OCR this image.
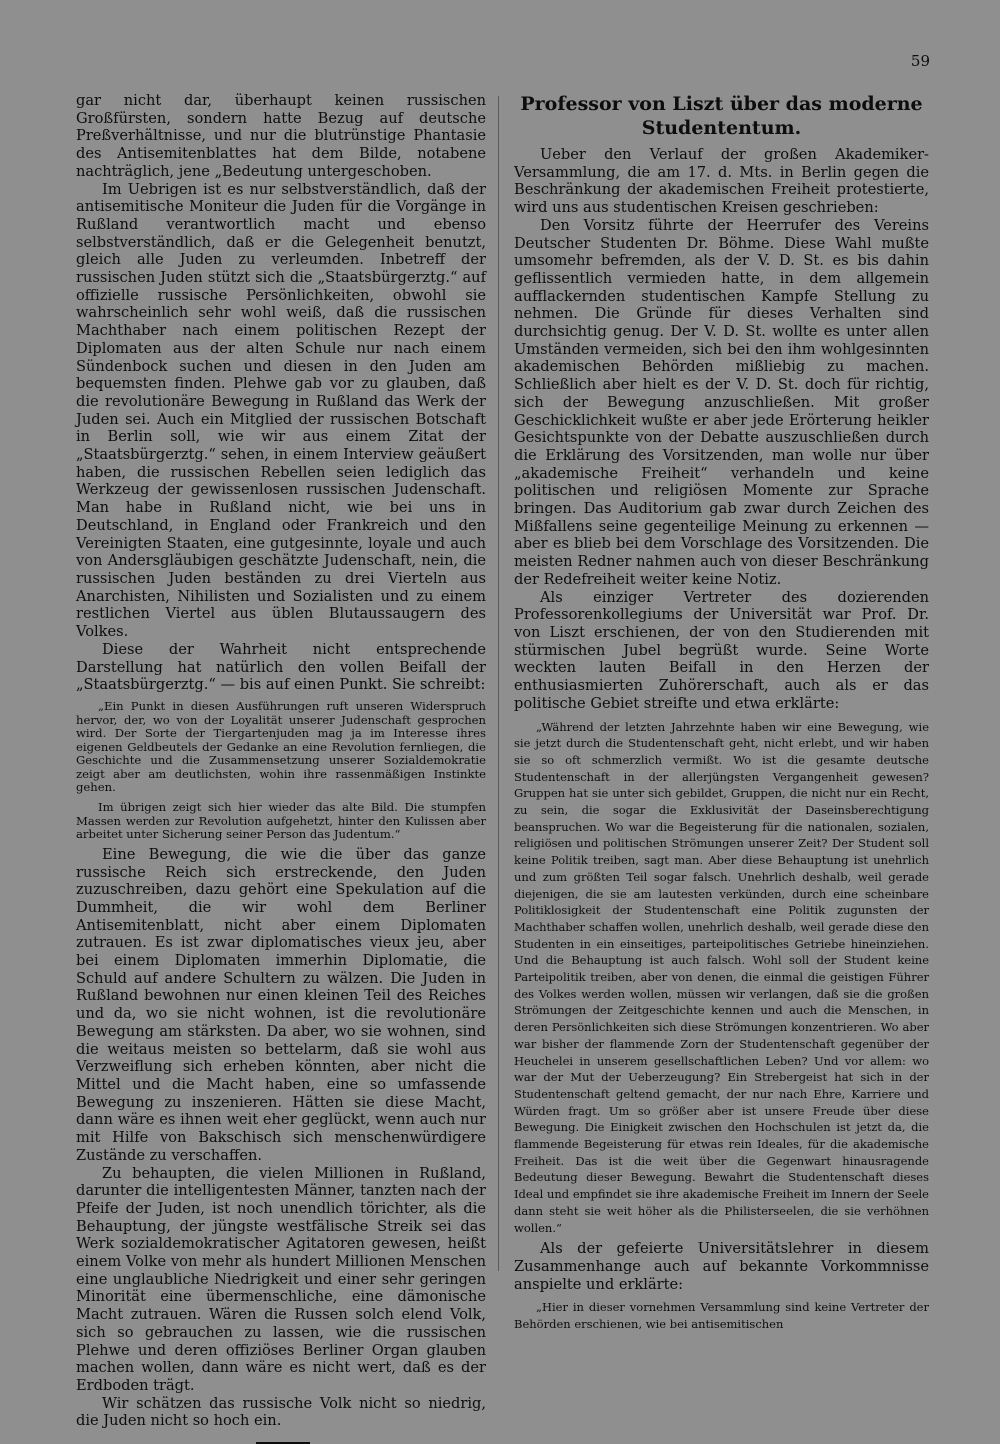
59

gar nicht dar, überhaupt keinen russischen Großfürsten, sondern hatte Bezug auf deutsche Preßverhältnisse, und nur die blutrünstige Phantasie des Antisemitenblattes hat dem Bilde, notabene nachträglich, jene „Bedeutung untergeschoben.

Im Uebrigen ist es nur selbstverständlich, daß der antisemitische Moniteur die Juden für die Vorgänge in Rußland verantwortlich macht und ebenso selbstverständlich, daß er die Gelegenheit benutzt, gleich alle Juden zu verleumden. Inbetreff der russischen Juden stützt sich die „Staatsbürgerztg.“ auf offizielle russische Persönlichkeiten, obwohl sie wahrscheinlich sehr wohl weiß, daß die russischen Machthaber nach einem politischen Rezept der Diplomaten aus der alten Schule nur nach einem Sündenbock suchen und diesen in den Juden am bequemsten finden. Plehwe gab vor zu glauben, daß die revolutionäre Bewegung in Rußland das Werk der Juden sei. Auch ein Mitglied der russischen Botschaft in Berlin soll, wie wir aus einem Zitat der „Staatsbürgerztg.“ sehen, in einem Interview geäußert haben, die russischen Rebellen seien lediglich das Werkzeug der gewissenlosen russischen Judenschaft. Man habe in Rußland nicht, wie bei uns in Deutschland, in England oder Frankreich und den Vereinigten Staaten, eine gutgesinnte, loyale und auch von Andersgläubigen geschätzte Judenschaft, nein, die russischen Juden beständen zu drei Vierteln aus Anarchisten, Nihilisten und Sozialisten und zu einem restlichen Viertel aus üblen Blutaussaugern des Volkes.

Diese der Wahrheit nicht entsprechende Darstellung hat natürlich den vollen Beifall der „Staatsbürgerztg.“ — bis auf einen Punkt. Sie schreibt:

„Ein Punkt in diesen Ausführungen ruft unseren Widerspruch hervor, der, wo von der Loyalität unserer Judenschaft gesprochen wird. Der Sorte der Tiergartenjuden mag ja im Interesse ihres eigenen Geldbeutels der Gedanke an eine Revolution fernliegen, die Geschichte und die Zusammensetzung unserer Sozialdemokratie zeigt aber am deutlichsten, wohin ihre rassenmäßigen Instinkte gehen.

Im übrigen zeigt sich hier wieder das alte Bild. Die stumpfen Massen werden zur Revolution aufgehetzt, hinter den Kulissen aber arbeitet unter Sicherung seiner Person das Judentum.“

Eine Bewegung, die wie die über das ganze russische Reich sich erstreckende, den Juden zuzuschreiben, dazu gehört eine Spekulation auf die Dummheit, die wir wohl dem Berliner Antisemitenblatt, nicht aber einem Diplomaten zutrauen. Es ist zwar diplomatisches vieux jeu, aber bei einem Diplomaten immerhin Diplomatie, die Schuld auf andere Schultern zu wälzen. Die Juden in Rußland bewohnen nur einen kleinen Teil des Reiches und da, wo sie nicht wohnen, ist die revolutionäre Bewegung am stärksten. Da aber, wo sie wohnen, sind die weitaus meisten so bettelarm, daß sie wohl aus Verzweiflung sich erheben könnten, aber nicht die Mittel und die Macht haben, eine so umfassende Bewegung zu inszenieren. Hätten sie diese Macht, dann wäre es ihnen weit eher geglückt, wenn auch nur mit Hilfe von Bakschisch sich menschenwürdigere Zustände zu verschaffen.

Zu behaupten, die vielen Millionen in Rußland, darunter die intelligentesten Männer, tanzten nach der Pfeife der Juden, ist noch unendlich törichter, als die Behauptung, der jüngste westfälische Streik sei das Werk sozialdemokratischer Agitatoren gewesen, heißt einem Volke von mehr als hundert Millionen Menschen eine unglaubliche Niedrigkeit und einer sehr geringen Minorität eine übermenschliche, eine dämonische Macht zutrauen. Wären die Russen solch elend Volk, sich so gebrauchen zu lassen, wie die russischen Plehwe und deren offiziöses Berliner Organ glauben machen wollen, dann wäre es nicht wert, daß es der Erdboden trägt.

Wir schätzen das russische Volk nicht so niedrig, die Juden nicht so hoch ein.

Professor von Liszt über das moderne
Studententum.

Ueber den Verlauf der großen Akademiker-Versammlung, die am 17. d. Mts. in Berlin gegen die Beschränkung der akademischen Freiheit protestierte, wird uns aus studentischen Kreisen geschrieben:

Den Vorsitz führte der Heerrufer des Vereins Deutscher Studenten Dr. Böhme. Diese Wahl mußte umsomehr befremden, als der V. D. St. es bis dahin geflissentlich vermieden hatte, in dem allgemein aufflackernden studentischen Kampfe Stellung zu nehmen. Die Gründe für dieses Verhalten sind durchsichtig genug. Der V. D. St. wollte es unter allen Umständen vermeiden, sich bei den ihm wohlgesinnten akademischen Behörden mißliebig zu machen. Schließlich aber hielt es der V. D. St. doch für richtig, sich der Bewegung anzuschließen. Mit großer Geschicklichkeit wußte er aber jede Erörterung heikler Gesichtspunkte von der Debatte auszuschließen durch die Erklärung des Vorsitzenden, man wolle nur über „akademische Freiheit“ verhandeln und keine politischen und religiösen Momente zur Sprache bringen. Das Auditorium gab zwar durch Zeichen des Mißfallens seine gegenteilige Meinung zu erkennen — aber es blieb bei dem Vorschlage des Vorsitzenden. Die meisten Redner nahmen auch von dieser Beschränkung der Redefreiheit weiter keine Notiz.

Als einziger Vertreter des dozierenden Professorenkollegiums der Universität war Prof. Dr. von Liszt erschienen, der von den Studierenden mit stürmischen Jubel begrüßt wurde. Seine Worte weckten lauten Beifall in den Herzen der enthusiasmierten Zuhörerschaft, auch als er das politische Gebiet streifte und etwa erklärte:

„Während der letzten Jahrzehnte haben wir eine Bewegung, wie sie jetzt durch die Studentenschaft geht, nicht erlebt, und wir haben sie so oft schmerzlich vermißt. Wo ist die gesamte deutsche Studentenschaft in der allerjüngsten Vergangenheit gewesen? Gruppen hat sie unter sich gebildet, Gruppen, die nicht nur ein Recht, zu sein, die sogar die Exklusivität der Daseinsberechtigung beanspruchen. Wo war die Begeisterung für die nationalen, sozialen, religiösen und politischen Strömungen unserer Zeit? Der Student soll keine Politik treiben, sagt man. Aber diese Behauptung ist unehrlich und zum größten Teil sogar falsch. Unehrlich deshalb, weil gerade diejenigen, die sie am lautesten verkünden, durch eine scheinbare Politiklosigkeit der Studentenschaft eine Politik zugunsten der Machthaber schaffen wollen, unehrlich deshalb, weil gerade diese den Studenten in ein einseitiges, parteipolitisches Getriebe hineinziehen. Und die Behauptung ist auch falsch. Wohl soll der Student keine Parteipolitik treiben, aber von denen, die einmal die geistigen Führer des Volkes werden wollen, müssen wir verlangen, daß sie die großen Strömungen der Zeitgeschichte kennen und auch die Menschen, in deren Persönlichkeiten sich diese Strömungen konzentrieren. Wo aber war bisher der flammende Zorn der Studentenschaft gegenüber der Heuchelei in unserem gesellschaftlichen Leben? Und vor allem: wo war der Mut der Ueberzeugung? Ein Strebergeist hat sich in der Studentenschaft geltend gemacht, der nur nach Ehre, Karriere und Würden fragt. Um so größer aber ist unsere Freude über diese Bewegung. Die Einigkeit zwischen den Hochschulen ist jetzt da, die flammende Begeisterung für etwas rein Ideales, für die akademische Freiheit. Das ist die weit über die Gegenwart hinausragende Bedeutung dieser Bewegung. Bewahrt die Studentenschaft dieses Ideal und empfindet sie ihre akademische Freiheit im Innern der Seele dann steht sie weit höher als die Philisterseelen, die sie verhöhnen wollen.“

Als der gefeierte Universitätslehrer in diesem Zusammenhange auch auf bekannte Vorkommnisse anspielte und erklärte:

„Hier in dieser vornehmen Versammlung sind keine Vertreter der Behörden erschienen, wie bei antisemitischen
